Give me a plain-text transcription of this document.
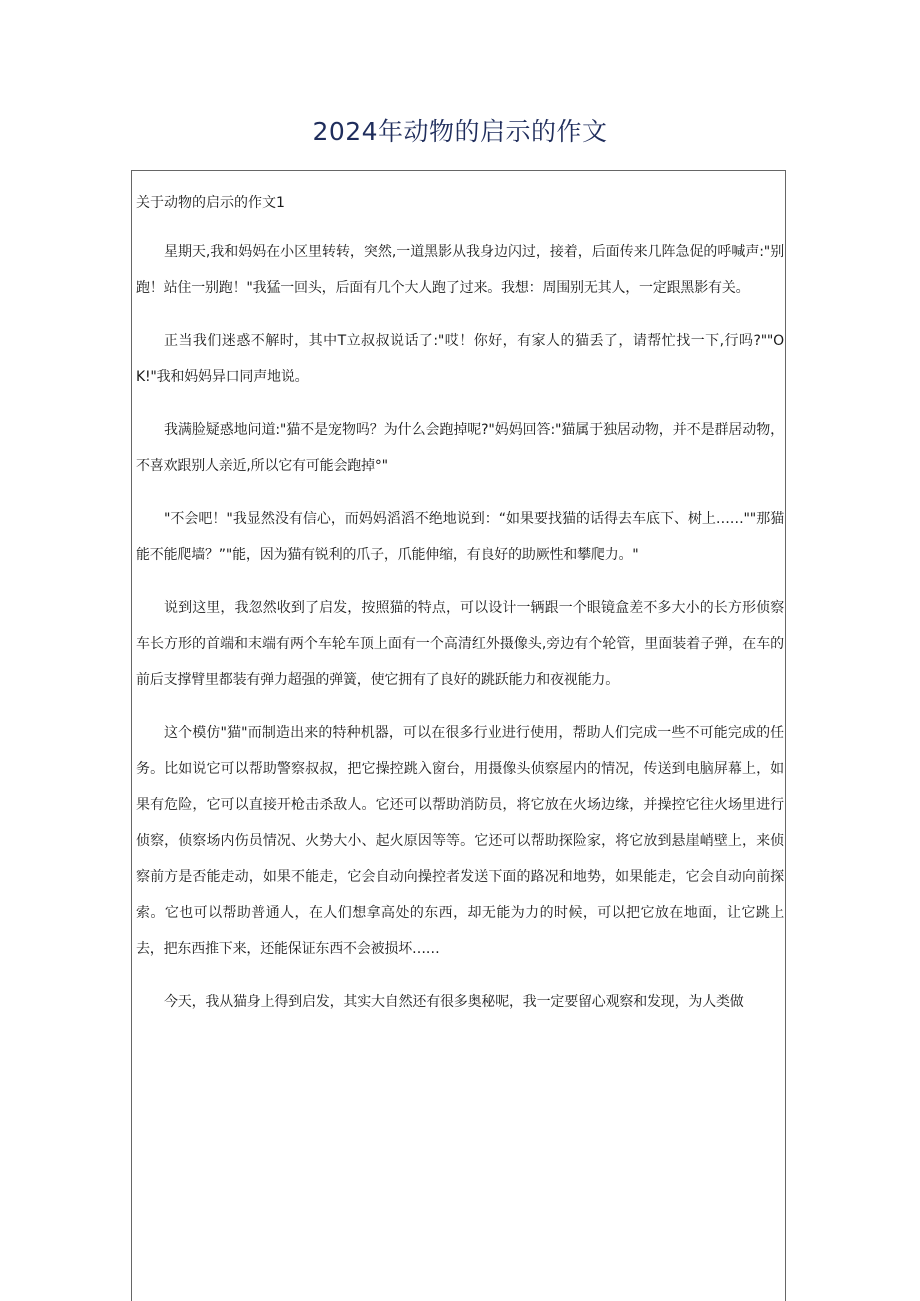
2024年动物的启示的作文

关于动物的启示的作文1

星期天,我和妈妈在小区里转转，突然,一道黑影从我身边闪过，接着，后面传来几阵急促的呼喊声:"别跑！站住一别跑！"我猛一回头，后面有几个大人跑了过来。我想：周围别无其人，一定跟黑影有关。

正当我们迷惑不解时，其中T立叔叔说话了:"哎！你好，有家人的猫丢了，请帮忙找一下,行吗?""OK!"我和妈妈异口同声地说。

我满脸疑惑地问道:"猫不是宠物吗？为什么会跑掉呢?"妈妈回答:"猫属于独居动物，并不是群居动物，不喜欢跟别人亲近,所以它有可能会跑掉°"

"不会吧！"我显然没有信心，而妈妈滔滔不绝地说到：“如果要找猫的话得去车底下、树上……""那猫能不能爬墙？”"能，因为猫有锐利的爪子，爪能伸缩，有良好的助厥性和攀爬力。"

说到这里，我忽然收到了启发，按照猫的特点，可以设计一辆跟一个眼镜盒差不多大小的长方形侦察车长方形的首端和末端有两个车轮车顶上面有一个高清红外摄像头,旁边有个轮管，里面装着子弹，在车的前后支撑臂里都装有弹力超强的弹簧，使它拥有了良好的跳跃能力和夜视能力。

这个模仿"猫"而制造出来的特种机器，可以在很多行业进行使用，帮助人们完成一些不可能完成的任务。比如说它可以帮助警察叔叔，把它操控跳入窗台，用摄像头侦察屋内的情况，传送到电脑屏幕上，如果有危险，它可以直接开枪击杀敌人。它还可以帮助消防员，将它放在火场边缘，并操控它往火场里进行侦察，侦察场内伤员情况、火势大小、起火原因等等。它还可以帮助探险家，将它放到悬崖峭壁上，来侦察前方是否能走动，如果不能走，它会自动向操控者发送下面的路况和地势，如果能走，它会自动向前探索。它也可以帮助普通人，在人们想拿高处的东西，却无能为力的时候，可以把它放在地面，让它跳上去，把东西推下来，还能保证东西不会被损坏……

今天，我从猫身上得到启发，其实大自然还有很多奥秘呢，我一定要留心观察和发现，为人类做
